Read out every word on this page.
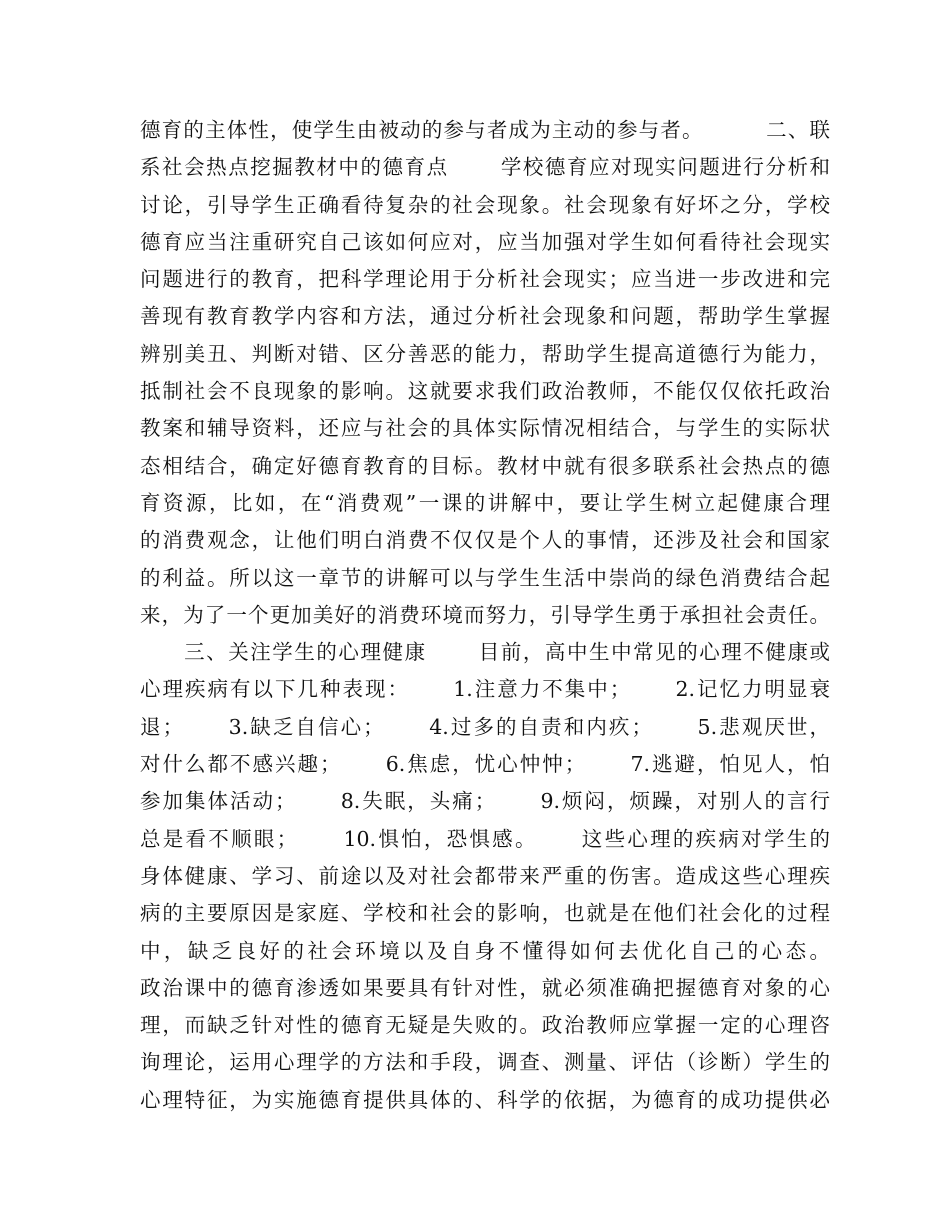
德育的主体性，使学生由被动的参与者成为主动的参与者。　　　 二、联
系社会热点挖掘教材中的德育点　　 学校德育应对现实问题进行分析和
讨论，引导学生正确看待复杂的社会现象。社会现象有好坏之分，学校
德育应当注重研究自己该如何应对，应当加强对学生如何看待社会现实
问题进行的教育，把科学理论用于分析社会现实；应当进一步改进和完
善现有教育教学内容和方法，通过分析社会现象和问题，帮助学生掌握
辨别美丑、判断对错、区分善恶的能力，帮助学生提高道德行为能力，
抵制社会不良现象的影响。这就要求我们政治教师，不能仅仅依托政治
教案和辅导资料，还应与社会的具体实际情况相结合，与学生的实际状
态相结合，确定好德育教育的目标。教材中就有很多联系社会热点的德
育资源，比如，在“消费观”一课的讲解中，要让学生树立起健康合理
的消费观念，让他们明白消费不仅仅是个人的事情，还涉及社会和国家
的利益。所以这一章节的讲解可以与学生生活中崇尚的绿色消费结合起
来，为了一个更加美好的消费环境而努力，引导学生勇于承担社会责任。
　　三、关注学生的心理健康　　 目前，高中生中常见的心理不健康或
心理疾病有以下几种表现：　　 1.注意力不集中；　　 2.记忆力明显衰
退；　　 3.缺乏自信心；　　 4.过多的自责和内疚；　　 5.悲观厌世，
对什么都不感兴趣；　　 6.焦虑，忧心忡忡；　　 7.逃避，怕见人，怕
参加集体活动；　　 8.失眠，头痛；　　 9.烦闷，烦躁，对别人的言行
总是看不顺眼；　　 10.惧怕，恐惧感。　　 这些心理的疾病对学生的
身体健康、学习、前途以及对社会都带来严重的伤害。造成这些心理疾
病的主要原因是家庭、学校和社会的影响，也就是在他们社会化的过程
中，缺乏良好的社会环境以及自身不懂得如何去优化自己的心态。
政治课中的德育渗透如果要具有针对性，就必须准确把握德育对象的心
理，而缺乏针对性的德育无疑是失败的。政治教师应掌握一定的心理咨
询理论，运用心理学的方法和手段，调查、测量、评估（诊断）学生的
心理特征，为实施德育提供具体的、科学的依据，为德育的成功提供必
